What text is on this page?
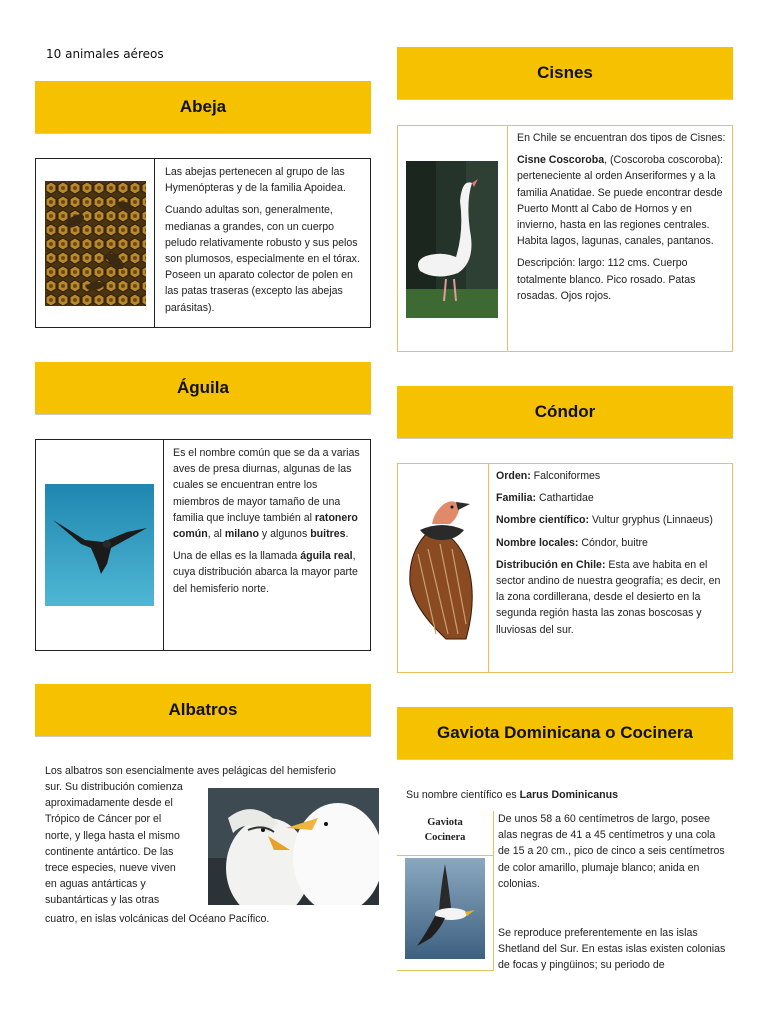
10 animales aéreos
Abeja

Las abejas pertenecen al grupo de las Hymenópteras y de la familia Apoidea.

Cuando adultas son, generalmente, medianas a grandes, con un cuerpo peludo relativamente robusto y sus pelos son plumosos, especialmente en el tórax. Poseen un aparato colector de polen en las patas traseras (excepto las abejas parásitas).

Águila

Es el nombre común que se da a varias aves de presa diurnas, algunas de las cuales se encuentran entre los miembros de mayor tamaño de una familia que incluye también al ratonero común, al milano y algunos buitres.

Una de ellas es la llamada águila real, cuya distribución abarca la mayor parte del hemisferio norte.

Albatros
Los albatros son esencialmente aves pelágicas del hemisferio
sur. Su distribución comienza
aproximadamente desde el
Trópico de Cáncer por el
norte, y llega hasta el mismo
continente antártico. De las
trece especies, nueve viven
en aguas antárticas y
subantárticas y las otras
cuatro, en islas volcánicas del Océano Pacífico.
Cisnes

En Chile se encuentran dos tipos de Cisnes:

Cisne Coscoroba, (Coscoroba coscoroba): perteneciente al orden Anseriformes y a la familia Anatidae. Se puede encontrar desde Puerto Montt al Cabo de Hornos y en invierno, hasta en las regiones centrales. Habita lagos, lagunas, canales, pantanos.

Descripción: largo: 112 cms. Cuerpo totalmente blanco. Pico rosado. Patas rosadas. Ojos rojos.

Cóndor

Orden: Falconiformes

Familia: Cathartidae

Nombre científico: Vultur gryphus (Linnaeus)

Nombre locales: Cóndor, buitre

Distribución en Chile: Esta ave habita en el sector andino de nuestra geografía; es decir, en la zona cordillerana, desde el desierto en la segunda región hasta las zonas boscosas y lluviosas del sur.

Gaviota Dominicana o Cocinera
Su nombre científico es Larus Dominicanus
Gaviota
Cocinera

De unos 58 a 60 centímetros de largo, posee alas negras de 41 a 45 centímetros y una cola de 15 a 20 cm., pico de cinco a seis centímetros de color amarillo, plumaje blanco; anida en colonias.

Se reproduce preferentemente en las islas Shetland del Sur. En estas islas existen colonias de focas y pingüinos; su periodo de
